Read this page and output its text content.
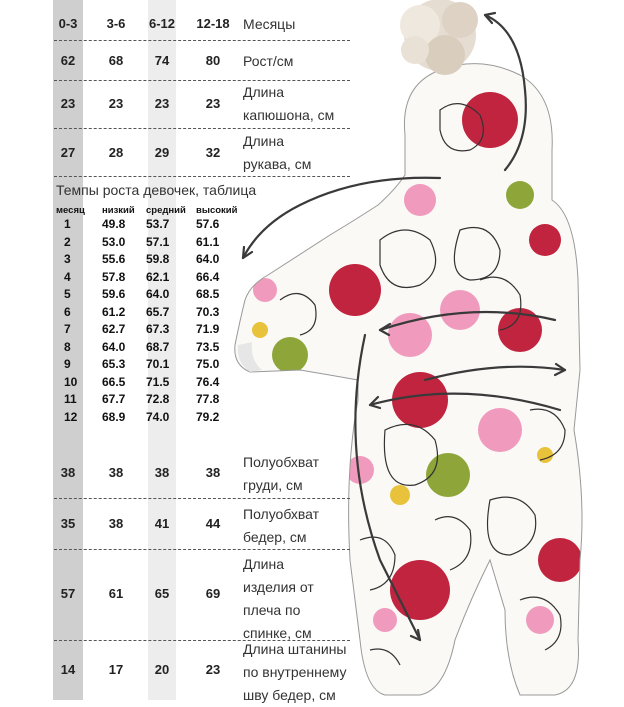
0-3	3-6	6-12	12-18 Месяцы
62	68	74	80	Рост/см
23	23	23	23
Длина
капюшона, см
27	28	29	32
Длина
рукава, см
Темпы роста девочек, таблица
месяц низкий средний высокий
1	49.8 53.7 57.6
2	53.0 57.1 61.1
3	55.6 59.8 64.0
4	57.8 62.1 66.4
5	59.6 64.0 68.5
6	61.2 65.7 70.3
7	62.7 67.3 71.9
8	64.0 68.7 73.5
9	65.3 70.1 75.0
10 66.5 71.5 76.4
11 67.7 72.8 77.8
12 68.9 74.0 79.2
38	38	38	38
Полуобхват
груди, см
35	38	41	44
Полуобхват
бедер, см
57	61	65	69
Длина
изделия от
плеча по
спинке, см
14	17	20	23
Длина штанины
по внутреннему
шву бедер, см
